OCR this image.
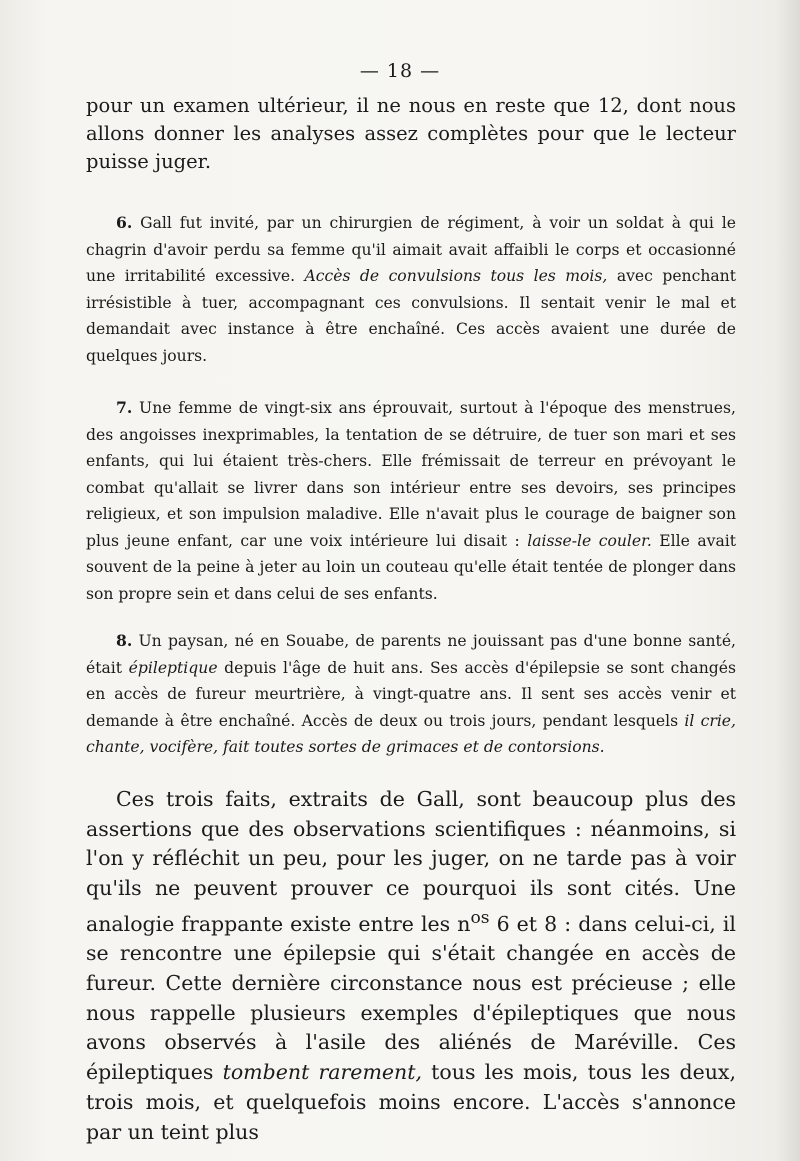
— 18 —

pour un examen ultérieur, il ne nous en reste que 12, dont nous allons donner les analyses assez complètes pour que le lecteur puisse juger.

6. Gall fut invité, par un chirurgien de régiment, à voir un soldat à qui le chagrin d'avoir perdu sa femme qu'il aimait avait affaibli le corps et occasionné une irritabilité excessive. Accès de convulsions tous les mois, avec penchant irrésistible à tuer, accompagnant ces convulsions. Il sentait venir le mal et demandait avec instance à être enchaîné. Ces accès avaient une durée de quelques jours.

7. Une femme de vingt-six ans éprouvait, surtout à l'époque des menstrues, des angoisses inexprimables, la tentation de se détruire, de tuer son mari et ses enfants, qui lui étaient très-chers. Elle frémissait de terreur en prévoyant le combat qu'allait se livrer dans son intérieur entre ses devoirs, ses principes religieux, et son impulsion maladive. Elle n'avait plus le courage de baigner son plus jeune enfant, car une voix intérieure lui disait : laisse-le couler. Elle avait souvent de la peine à jeter au loin un couteau qu'elle était tentée de plonger dans son propre sein et dans celui de ses enfants.

8. Un paysan, né en Souabe, de parents ne jouissant pas d'une bonne santé, était épileptique depuis l'âge de huit ans. Ses accès d'épilepsie se sont changés en accès de fureur meurtrière, à vingt-quatre ans. Il sent ses accès venir et demande à être enchaîné. Accès de deux ou trois jours, pendant lesquels il crie, chante, vocifère, fait toutes sortes de grimaces et de contorsions.

Ces trois faits, extraits de Gall, sont beaucoup plus des assertions que des observations scientifiques : néanmoins, si l'on y réfléchit un peu, pour les juger, on ne tarde pas à voir qu'ils ne peuvent prouver ce pourquoi ils sont cités. Une analogie frappante existe entre les $n^{os}$ 6 et 8 : dans celui-ci, il se rencontre une épilepsie qui s'était changée en accès de fureur. Cette dernière circonstance nous est précieuse ; elle nous rappelle plusieurs exemples d'épileptiques que nous avons observés à l'asile des aliénés de Maréville. Ces épileptiques tombent rarement, tous les mois, tous les deux, trois mois, et quelquefois moins encore. L'accès s'annonce par un teint plus
